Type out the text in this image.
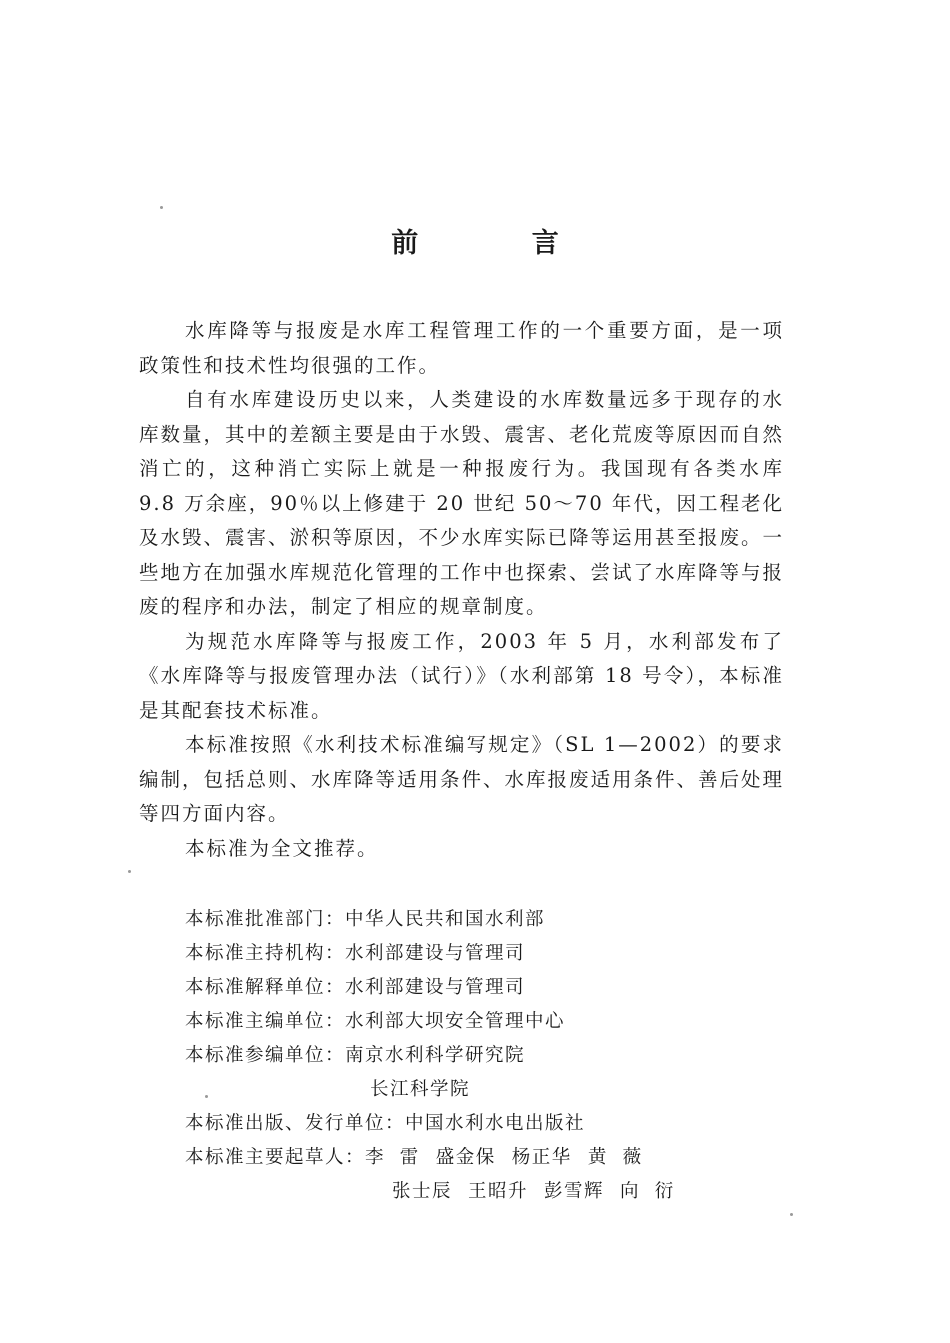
前 言

水库降等与报废是水库工程管理工作的一个重要方面，是一项政策性和技术性均很强的工作。

自有水库建设历史以来，人类建设的水库数量远多于现存的水库数量，其中的差额主要是由于水毁、震害、老化荒废等原因而自然消亡的，这种消亡实际上就是一种报废行为。我国现有各类水库 9.8 万余座，90％以上修建于 20 世纪 50～70 年代，因工程老化及水毁、震害、淤积等原因，不少水库实际已降等运用甚至报废。一些地方在加强水库规范化管理的工作中也探索、尝试了水库降等与报废的程序和办法，制定了相应的规章制度。

为规范水库降等与报废工作，2003 年 5 月，水利部发布了《水库降等与报废管理办法（试行）》（水利部第 18 号令），本标准是其配套技术标准。

本标准按照《水利技术标准编写规定》（SL 1—2002）的要求编制，包括总则、水库降等适用条件、水库报废适用条件、善后处理等四方面内容。

本标准为全文推荐。

本标准批准部门：中华人民共和国水利部
本标准主持机构：水利部建设与管理司
本标准解释单位：水利部建设与管理司
本标准主编单位：水利部大坝安全管理中心
本标准参编单位：南京水利科学研究院
长江科学院
本标准出版、发行单位：中国水利水电出版社
本标准主要起草人：李  雷 盛金保 杨正华 黄  薇
张士辰 王昭升 彭雪辉 向  衍
